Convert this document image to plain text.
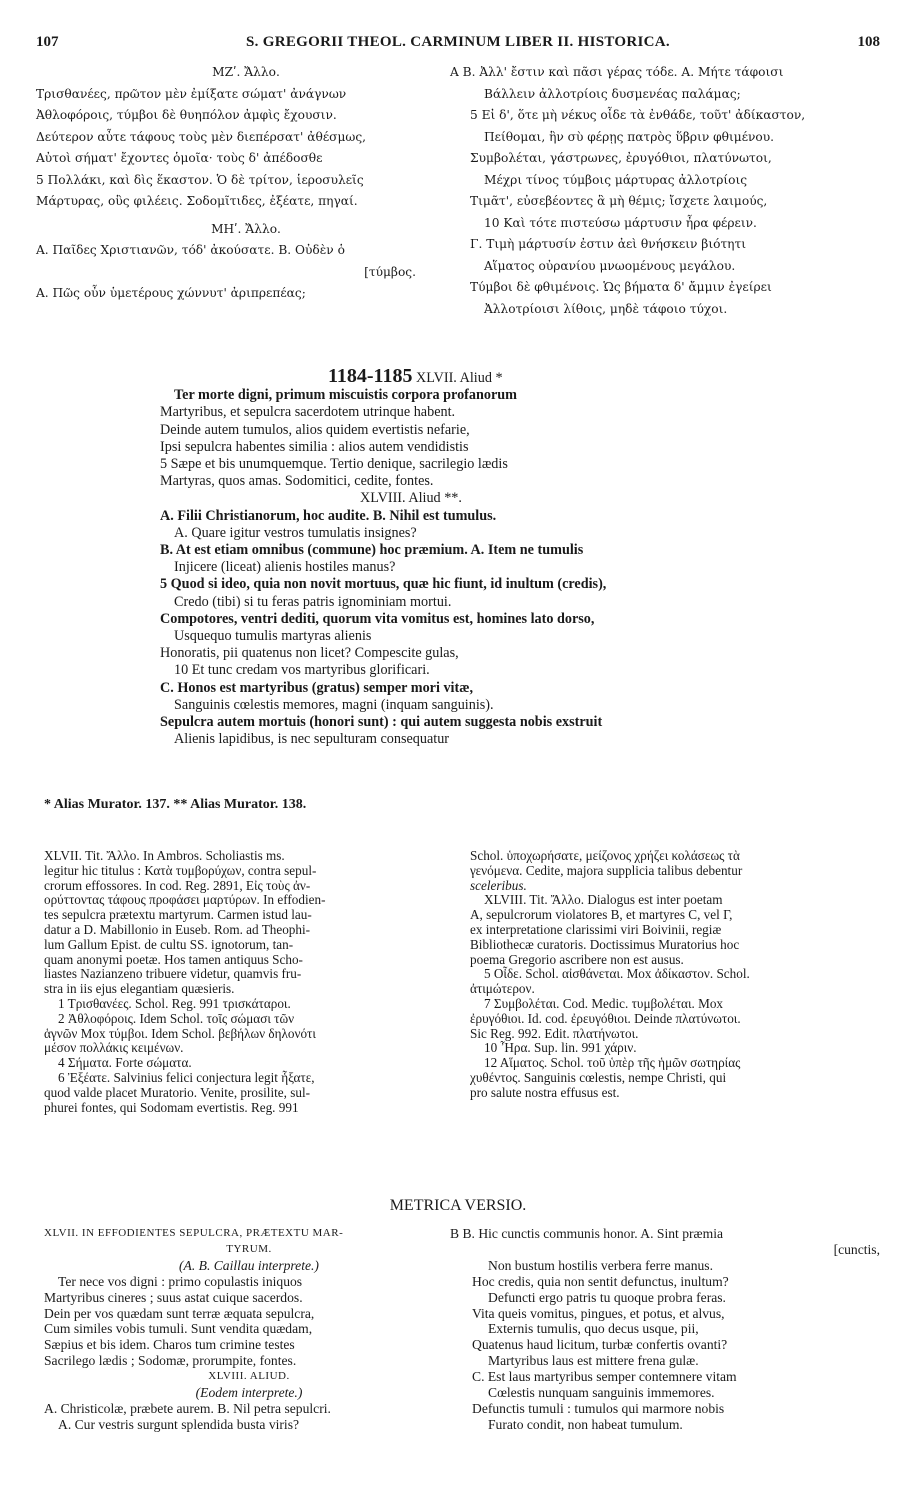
107	S. GREGORII THEOL. CARMINUM LIBER II. HISTORICA.	108
ΜΖʹ. Ἄλλο.
Τρισθανέες, πρῶτον μὲν ἐμίξατε σώματ' ἀνάγνων
Ἀθλοφόροις, τύμβοι δὲ θυηπόλον ἀμφὶς ἔχουσιν.
Δεύτερον αὖτε τάφους τοὺς μὲν διεπέρσατ' ἀθέσμως,
Αὐτοὶ σήματ' ἔχοντες ὁμοῖα· τοὺς δ' ἀπέδοσθε
5 Πολλάκι, καὶ δὶς ἕκαστον. Ὁ δὲ τρίτον, ἱεροσυλεῖς
Μάρτυρας, οὓς φιλέεις. Σοδομῖτιδες, ἐξέατε, πηγαί.
ΜΗʹ. Ἄλλο.
Α. Παῖδες Χριστιανῶν, τόδ' ἀκούσατε. Β. Οὐδὲν ὁ
[τύμβος.
Α. Πῶς οὖν ὑμετέρους χώννυτ' ἀριπρεπέας;
Α Β. Ἀλλ' ἔστιν καὶ πᾶσι γέρας τόδε. Α. Μήτε τάφοισι
Βάλλειν ἀλλοτρίοις δυσμενέας παλάμας;
5 Εἰ δ', ὅτε μὴ νέκυς οἶδε τὰ ἐνθάδε, τοῦτ' ἀδίκαστον,
Πείθομαι, ἣν σὺ φέρῃς πατρὸς ὕβριν φθιμένου.
Συμβολέται, γάστρωνες, ἐρυγόθιοι, πλατύνωτοι,
Μέχρι τίνος τύμβοις μάρτυρας ἀλλοτρίοις
Τιμᾶτ', εὐσεβέοντες ἃ μὴ θέμις; ἴσχετε λαιμούς,
10 Καὶ τότε πιστεύσω μάρτυσιν ἦρα φέρειν.
Γ. Τιμὴ μάρτυσίν ἐστιν ἀεὶ θνήσκειν βιότητι
Αἵματος οὐρανίου μνωομένους μεγάλου.
Τύμβοι δὲ φθιμένοις. Ὡς βήματα δ' ἄμμιν ἐγείρει
Ἀλλοτρίοισι λίθοις, μηδὲ τάφοιο τύχοι.
1184-1185 XLVII. Aliud *
Ter morte digni, primum miscuistis corpora profanorum
Martyribus, et sepulcra sacerdotem utrinque habent.
Deinde autem tumulos, alios quidem evertistis nefarie,
Ipsi sepulcra habentes similia : alios autem vendidistis
5 Sæpe et bis unumquemque. Tertio denique, sacrilegio lædis
Martyras, quos amas. Sodomitici, cedite, fontes.
XLVIII. Aliud **.
A. Filii Christianorum, hoc audite. B. Nihil est tumulus.
A. Quare igitur vestros tumulatis insignes?
B. At est etiam omnibus (commune) hoc præmium. A. Item ne tumulis
Injicere (liceat) alienis hostiles manus?
5 Quod si ideo, quia non novit mortuus, quæ hic fiunt, id inultum (credis),
Credo (tibi) si tu feras patris ignominiam mortui.
Compotores, ventri dediti, quorum vita vomitus est, homines lato dorso,
Usquequo tumulis martyras alienis
Honoratis, pii quatenus non licet? Compescite gulas,
10 Et tunc credam vos martyribus glorificari.
C. Honos est martyribus (gratus) semper mori vitæ,
Sanguinis cœlestis memores, magni (inquam sanguinis).
Sepulcra autem mortuis (honori sunt) : qui autem suggesta nobis exstruit
Alienis lapidibus, is nec sepulturam consequatur
* Alias Murator. 137. ** Alias Murator. 138.
XLVII. Tit. Ἄλλο. In Ambros. Scholiastis ms.
legitur hic titulus : Κατὰ τυμβορύχων, contra sepul-
crorum effossores. In cod. Reg. 2891, Εἰς τοὺς ἀν-
ορύττοντας τάφους προφάσει μαρτύρων. In effodien-
tes sepulcra prætextu martyrum. Carmen istud lau-
datur a D. Mabillonio in Euseb. Rom. ad Theophi-
lum Gallum Epist. de cultu SS. ignotorum, tan-
quam anonymi poetæ. Hos tamen antiquus Scho-
liastes Nazianzeno tribuere videtur, quamvis fru-
stra in iis ejus elegantiam quæsieris.
1 Τρισθανέες. Schol. Reg. 991 τρισκάταροι.
2 Ἀθλοφόροις. Idem Schol. τοῖς σώμασι τῶν
ἁγνῶν Mox τύμβοι. Idem Schol. βεβήλων δηλονότι
μέσον πολλάκις κειμένων.
4 Σήματα. Forte σώματα.
6 Ἐξέατε. Salvinius felici conjectura legit ἧξατε,
quod valde placet Muratorio. Venite, prosilite, sul-
phurei fontes, qui Sodomam evertistis. Reg. 991
Schol. ὑποχωρήσατε, μείζονος χρήζει κολάσεως τὰ
γενόμενα. Cedite, majora supplicia talibus debentur
sceleribus.
XLVIII. Tit. Ἄλλο. Dialogus est inter poetam
A, sepulcrorum violatores B, et martyres C, vel Γ,
ex interpretatione clarissimi viri Boivinii, regiæ
Bibliothecæ curatoris. Doctissimus Muratorius hoc
poema Gregorio ascribere non est ausus.
5 Οἶδε. Schol. αἰσθάνεται. Mox ἀδίκαστον. Schol.
ἀτιμώτερον.
7 Συμβολέται. Cod. Medic. τυμβολέται. Mox
ἐρυγόθιοι. Id. cod. ἐρευγόθιοι. Deinde πλατύνωτοι.
Sic Reg. 992. Edit. πλατήνωτοι.
10 Ἦρα. Sup. lin. 991 χάριν.
12 Αἵματος. Schol. τοῦ ὑπὲρ τῆς ἡμῶν σωτηρίας
χυθέντος. Sanguinis cœlestis, nempe Christi, qui
pro salute nostra effusus est.
METRICA VERSIO.
XLVII. IN EFFODIENTES SEPULCRA, PRÆTEXTU MAR-
TYRUM.
(A. B. Caillau interprete.)
Ter nece vos digni : primo copulastis iniquos
Martyribus cineres ; suus astat cuique sacerdos.
Dein per vos quædam sunt terræ æquata sepulcra,
Cum similes vobis tumuli. Sunt vendita quædam,
Sæpius et bis idem. Charos tum crimine testes
Sacrilego lædis ; Sodomæ, prorumpite, fontes.
XLVIII. ALIUD.
(Eodem interprete.)
A. Christicolæ, præbete aurem. B. Nil petra sepulcri.
A. Cur vestris surgunt splendida busta viris?
B B. Hic cunctis communis honor. A. Sint præmia
[cunctis,
Non bustum hostilis verbera ferre manus.
Hoc credis, quia non sentit defunctus, inultum?
Defuncti ergo patris tu quoque probra feras.
Vita queis vomitus, pingues, et potus, et alvus,
Externis tumulis, quo decus usque, pii,
Quatenus haud licitum, turbæ confertis ovanti?
Martyribus laus est mittere frena gulæ.
C. Est laus martyribus semper contemnere vitam
Cœlestis nunquam sanguinis immemores.
Defunctis tumuli : tumulos qui marmore nobis
Furato condit, non habeat tumulum.
